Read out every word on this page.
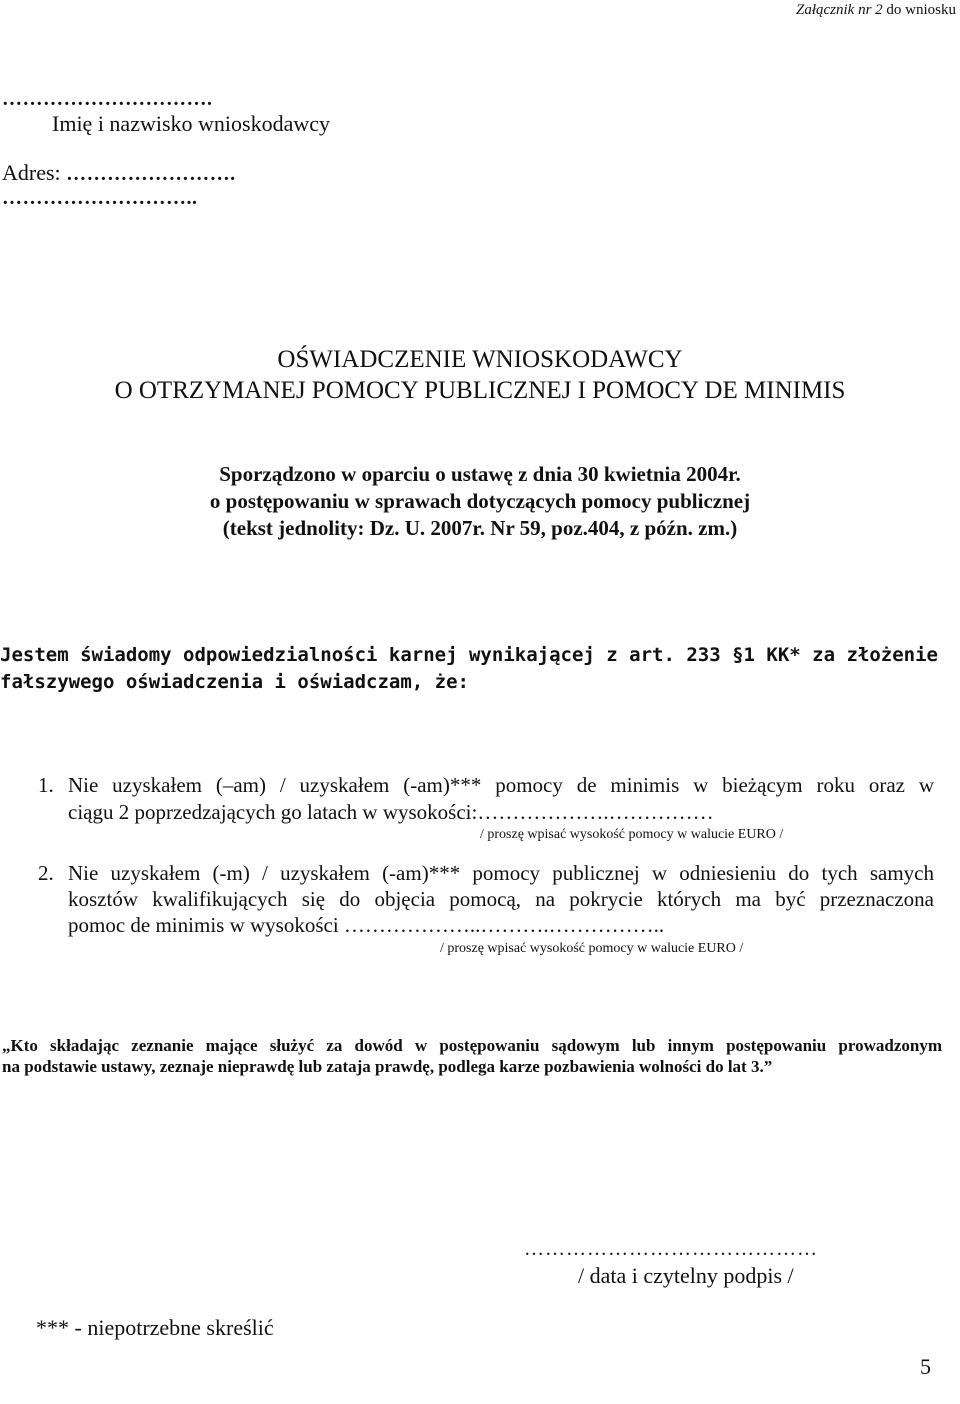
Załącznik nr 2 do wniosku
………………………….
Imię i nazwisko wnioskodawcy
Adres: …………………….
………………………..
OŚWIADCZENIE WNIOSKODAWCY
O OTRZYMANEJ POMOCY PUBLICZNEJ I POMOCY DE MINIMIS
Sporządzono w oparciu o ustawę z dnia 30 kwietnia 2004r.
o postępowaniu w sprawach dotyczących pomocy publicznej
(tekst jednolity: Dz. U. 2007r. Nr 59, poz.404, z późn. zm.)
Jestem świadomy odpowiedzialności karnej wynikającej z art. 233 §1 KK* za złożenie
fałszywego oświadczenia i oświadczam, że:
1. Nie uzyskałem (–am) / uzyskałem (-am)*** pomocy de minimis w bieżącym roku oraz w
ciągu 2 poprzedzających go latach w wysokości:……………….……………
/ proszę wpisać wysokość pomocy w walucie EURO /
2. Nie uzyskałem (-m) / uzyskałem (-am)*** pomocy publicznej w odniesieniu do tych samych
kosztów kwalifikujących się do objęcia pomocą, na pokrycie których ma być przeznaczona
pomoc de minimis w wysokości ………………..……….……………..
/ proszę wpisać wysokość pomocy w walucie EURO /
„Kto składając zeznanie mające służyć za dowód w postępowaniu sądowym lub innym postępowaniu prowadzonym
na podstawie ustawy, zeznaje nieprawdę lub zataja prawdę, podlega karze pozbawienia wolności do lat 3.”
……………………………………
/ data i czytelny podpis /
*** - niepotrzebne skreślić
5
